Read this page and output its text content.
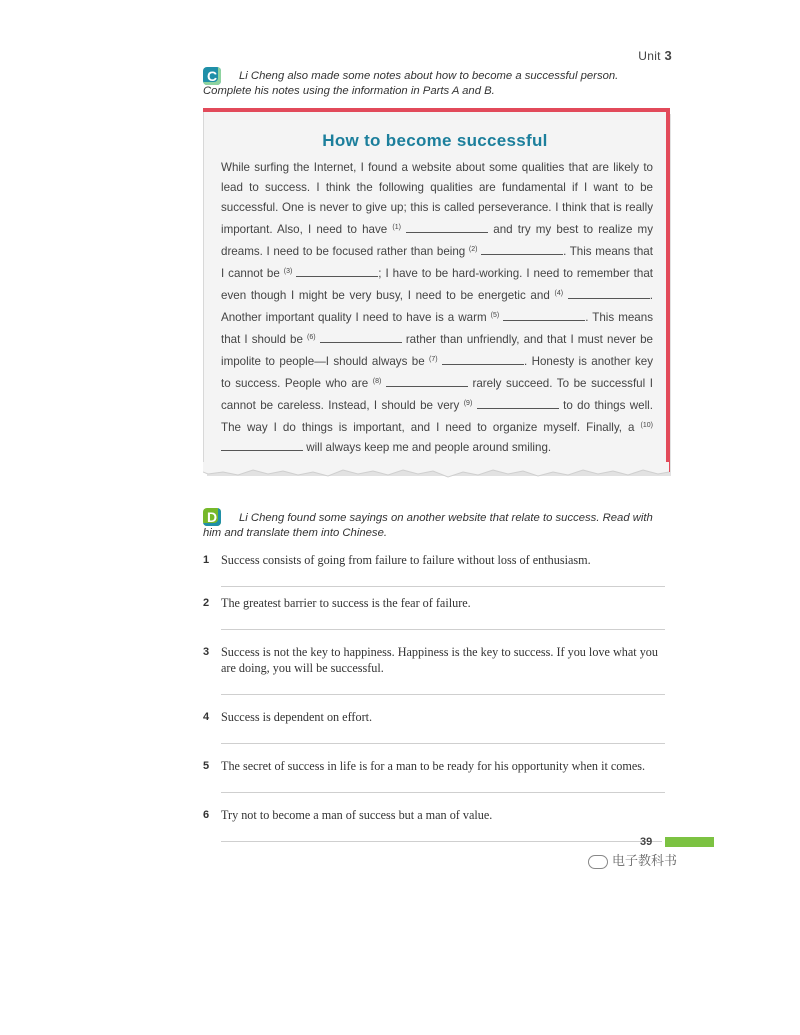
Unit 3
C	Li Cheng also made some notes about how to become a successful person. Complete his notes using the information in Parts A and B.
How to become successful
While surfing the Internet, I found a website about some qualities that are likely to lead to success. I think the following qualities are fundamental if I want to be successful. One is never to give up; this is called perseverance. I think that is really important. Also, I need to have $^{(1)}$	and try my best to realize my dreams. I need to be focused rather than being $^{(2)}$	. This means that I cannot be $^{(3)}$	; I have to be hard-working. I need to remember that even though I might be very busy, I need to be energetic and $^{(4)}$	. Another important quality I need to have is a warm $^{(5)}$	. This means that I should be $^{(6)}$	rather than unfriendly, and that I must never be impolite to people—I should always be $^{(7)}$	. Honesty is another key to success. People who are $^{(8)}$	rarely succeed. To be successful I cannot be careless. Instead, I should be very $^{(9)}$	to do things well. The way I do things is important, and I need to organize myself. Finally, a $^{(10)}$  will always keep me and people around smiling.
D	Li Cheng found some sayings on another website that relate to success. Read with him and translate them into Chinese.
1 Success consists of going from failure to failure without loss of enthusiasm.
2 The greatest barrier to success is the fear of failure.
3 Success is not the key to happiness. Happiness is the key to success. If you love what you are doing, you will be successful.
4 Success is dependent on effort.
5 The secret of success in life is for a man to be ready for his opportunity when it comes.
6 Try not to become a man of success but a man of value.
39
电子教科书
